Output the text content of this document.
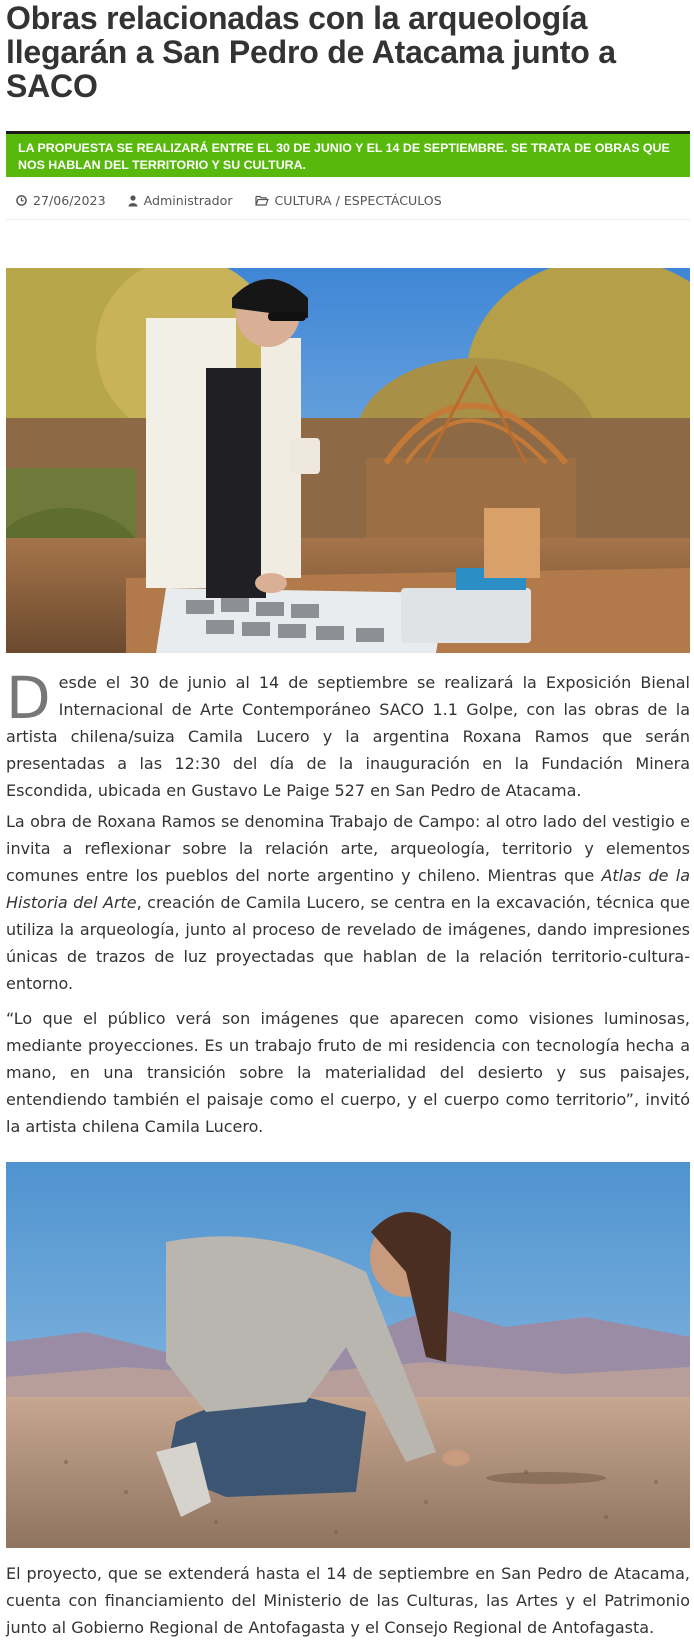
Obras relacionadas con la arqueología llegarán a San Pedro de Atacama junto a SACO
LA PROPUESTA SE REALIZARÁ ENTRE EL 30 DE JUNIO Y EL 14 DE SEPTIEMBRE. SE TRATA DE OBRAS QUE NOS HABLAN DEL TERRITORIO Y SU CULTURA.
27/06/2023	Administrador	CULTURA / ESPECTÁCULOS

Desde el 30 de junio al 14 de septiembre se realizará la Exposición Bienal Internacional de Arte Contemporáneo SACO 1.1 Golpe, con las obras de la artista chilena/suiza Camila Lucero y la argentina Roxana Ramos que serán presentadas a las 12:30 del día de la inauguración en la Fundación Minera Escondida, ubicada en Gustavo Le Paige 527 en San Pedro de Atacama.

La obra de Roxana Ramos se denomina Trabajo de Campo: al otro lado del vestigio e invita a reflexionar sobre la relación arte, arqueología, territorio y elementos comunes entre los pueblos del norte argentino y chileno. Mientras que Atlas de la Historia del Arte, creación de Camila Lucero, se centra en la excavación, técnica que utiliza la arqueología, junto al proceso de revelado de imágenes, dando impresiones únicas de trazos de luz proyectadas que hablan de la relación territorio-cultura-entorno.

“Lo que el público verá son imágenes que aparecen como visiones luminosas, mediante proyecciones. Es un trabajo fruto de mi residencia con tecnología hecha a mano, en una transición sobre la materialidad del desierto y sus paisajes, entendiendo también el paisaje como el cuerpo, y el cuerpo como territorio”, invitó la artista chilena Camila Lucero.

El proyecto, que se extenderá hasta el 14 de septiembre en San Pedro de Atacama, cuenta con financiamiento del Ministerio de las Culturas, las Artes y el Patrimonio junto al Gobierno Regional de Antofagasta y el Consejo Regional de Antofagasta.
